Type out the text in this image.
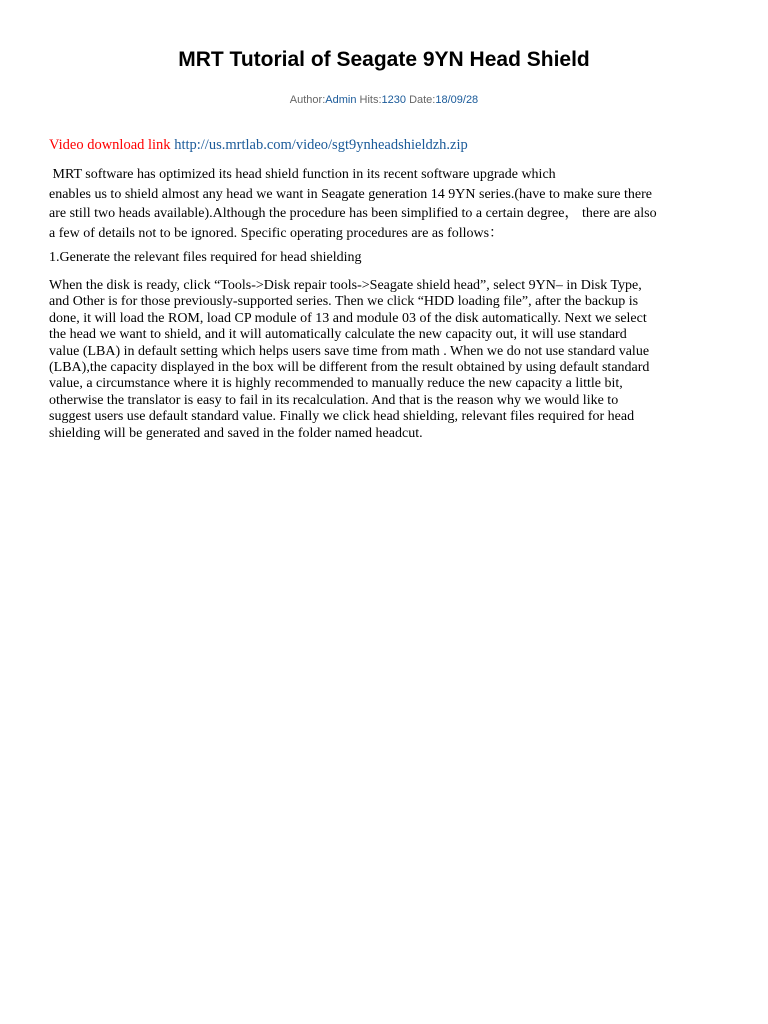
MRT Tutorial of Seagate 9YN Head Shield
Author:Admin Hits:1230 Date:18/09/28
Video download link http://us.mrtlab.com/video/sgt9ynheadshieldzh.zip
MRT software has optimized its head shield function in its recent software upgrade which
enables us to shield almost any head we want in Seagate generation 14 9YN series.(have to make sure there
are still two heads available).Although the procedure has been simplified to a certain degree， there are also
a few of details not to be ignored. Specific operating procedures are as follows：
1.Generate the relevant files required for head shielding
When the disk is ready, click “Tools->Disk repair tools->Seagate shield head”, select 9YN– in Disk Type,
and Other is for those previously-supported series. Then we click “HDD loading file”, after the backup is
done, it will load the ROM, load CP module of 13 and module 03 of the disk automatically. Next we select
the head we want to shield, and it will automatically calculate the new capacity out, it will use standard
value (LBA) in default setting which helps users save time from math . When we do not use standard value
(LBA),the capacity displayed in the box will be different from the result obtained by using default standard
value, a circumstance where it is highly recommended to manually reduce the new capacity a little bit,
otherwise the translator is easy to fail in its recalculation. And that is the reason why we would like to
suggest users use default standard value. Finally we click head shielding, relevant files required for head
shielding will be generated and saved in the folder named headcut.
